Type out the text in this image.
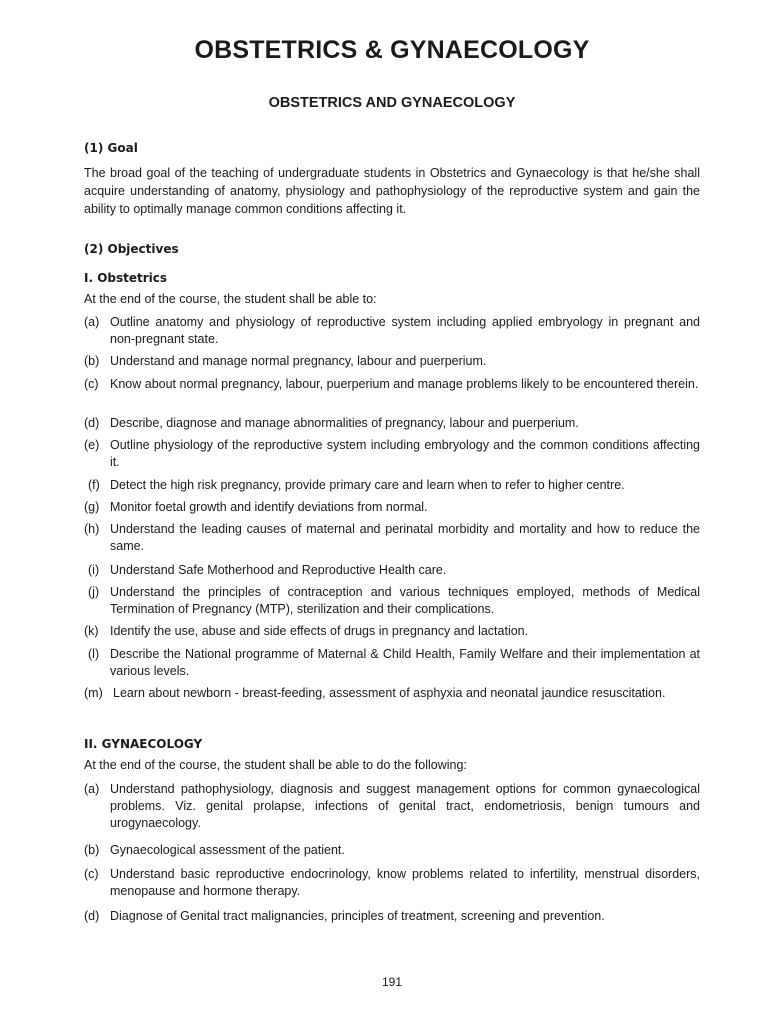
OBSTETRICS & GYNAECOLOGY
OBSTETRICS AND GYNAECOLOGY
(1) Goal

The broad goal of the teaching of undergraduate students in Obstetrics and Gynaecology is that he/she shall acquire understanding of anatomy, physiology and pathophysiology of the reproductive system and gain the ability to optimally manage common conditions affecting it.

(2) Objectives
I. Obstetrics

At the end of the course, the student shall be able to:

(a) Outline anatomy and physiology of reproductive system including applied embryology in pregnant and non-pregnant state.
(b) Understand and manage normal pregnancy, labour and puerperium.
(c) Know about normal pregnancy, labour, puerperium and manage problems likely to be encountered therein.
(d) Describe, diagnose and manage abnormalities of pregnancy, labour and puerperium.
(e) Outline physiology of the reproductive system including embryology and the common conditions affecting it.
(f) Detect the high risk pregnancy, provide primary care and learn when to refer to higher centre.
(g) Monitor foetal growth and identify deviations from normal.
(h) Understand the leading causes of maternal and perinatal morbidity and mortality and how to reduce the same.
(i) Understand Safe Motherhood and Reproductive Health care.
(j) Understand the principles of contraception and various techniques employed, methods of Medical Termination of Pregnancy (MTP), sterilization and their complications.
(k) Identify the use, abuse and side effects of drugs in pregnancy and lactation.
(l) Describe the National programme of Maternal & Child Health, Family Welfare and their implementation at various levels.
(m) Learn about newborn - breast-feeding, assessment of asphyxia and neonatal jaundice resuscitation.
II. GYNAECOLOGY

At the end of the course, the student shall be able to do the following:

(a) Understand pathophysiology, diagnosis and suggest management options for common gynaecological problems. Viz. genital prolapse, infections of genital tract, endometriosis, benign tumours and urogynaecology.
(b) Gynaecological assessment of the patient.
(c) Understand basic reproductive endocrinology, know problems related to infertility, menstrual disorders, menopause and hormone therapy.
(d) Diagnose of Genital tract malignancies, principles of treatment, screening and prevention.

191
